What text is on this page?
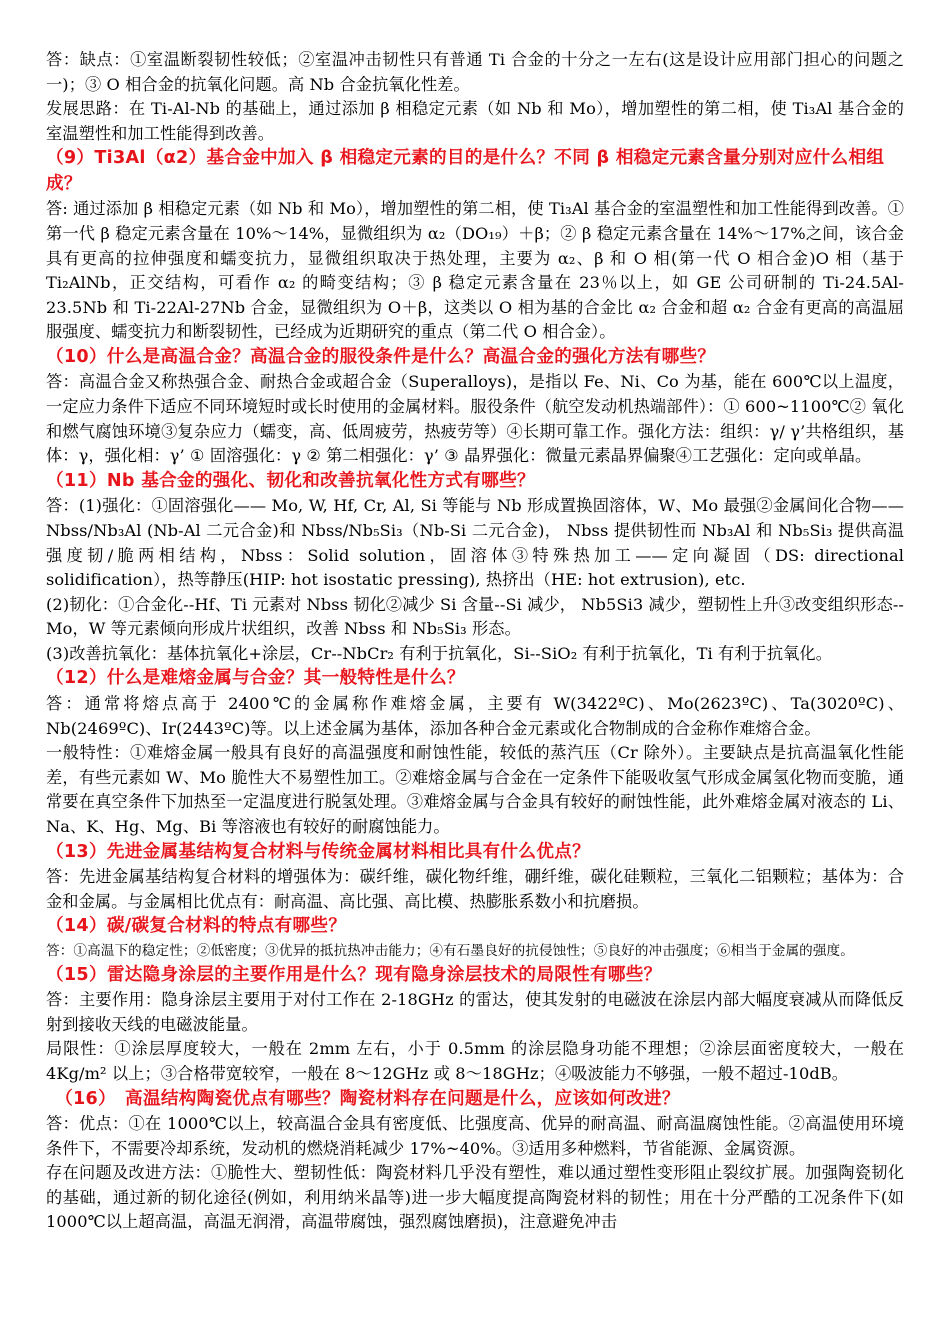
答：缺点：①室温断裂韧性较低；②室温冲击韧性只有普通 Ti 合金的十分之一左右(这是设计应用部门担心的问题之一)；③ O 相合金的抗氧化问题。高 Nb 合金抗氧化性差。

发展思路：在 Ti-Al-Nb 的基础上，通过添加 β 相稳定元素（如 Nb 和 Mo），增加塑性的第二相，使 Ti₃Al 基合金的室温塑性和加工性能得到改善。

（9）Ti3Al（α2）基合金中加入 β 相稳定元素的目的是什么？不同 β 相稳定元素含量分别对应什么相组成？

答: 通过添加 β 相稳定元素（如 Nb 和 Mo），增加塑性的第二相，使 Ti₃Al 基合金的室温塑性和加工性能得到改善。①第一代 β 稳定元素含量在 10%～14%，显微组织为 α₂（DO₁₉）＋β；② β 稳定元素含量在 14%～17%之间，该合金具有更高的拉伸强度和蠕变抗力，显微组织取决于热处理，主要为 α₂、β 和 O 相(第一代 O 相合金)O 相（基于 Ti₂AlNb，正交结构，可看作 α₂ 的畸变结构；③ β 稳定元素含量在 23％以上，如 GE 公司研制的 Ti-24.5Al-23.5Nb 和 Ti-22Al-27Nb 合金，显微组织为 O＋β，这类以 O 相为基的合金比 α₂ 合金和超 α₂ 合金有更高的高温屈服强度、蠕变抗力和断裂韧性，已经成为近期研究的重点（第二代 O 相合金）。

（10）什么是高温合金？高温合金的服役条件是什么？高温合金的强化方法有哪些？

答：高温合金又称热强合金、耐热合金或超合金（Superalloys)，是指以 Fe、Ni、Co 为基，能在 600℃以上温度，一定应力条件下适应不同环境短时或长时使用的金属材料。服役条件（航空发动机热端部件）：① 600~1100℃② 氧化和燃气腐蚀环境③复杂应力（蠕变，高、低周疲劳，热疲劳等）④长期可靠工作。强化方法：组织：γ/ γ’共格组织，基体：γ，强化相：γ’ ① 固溶强化：γ ② 第二相强化：γ’ ③ 晶界强化：微量元素晶界偏聚④工艺强化：定向或单晶。

（11）Nb 基合金的强化、韧化和改善抗氧化性方式有哪些？

答：(1)强化：①固溶强化—— Mo, W, Hf, Cr, Al, Si 等能与 Nb 形成置换固溶体，W、Mo 最强②金属间化合物—— Nbss/Nb₃Al (Nb-Al 二元合金)和 Nbss/Nb₅Si₃（Nb-Si 二元合金)， Nbss 提供韧性而 Nb₃Al 和 Nb₅Si₃ 提供高温强度韧/脆两相结构，Nbss：Solid solution，固溶体③特殊热加工——定向凝固（DS: directional solidification），热等静压(HIP: hot isostatic pressing), 热挤出（HE: hot extrusion), etc.

(2)韧化：①合金化--Hf、Ti 元素对 Nbss 韧化②减少 Si 含量--Si 减少， Nb5Si3 减少，塑韧性上升③改变组织形态--Mo，W 等元素倾向形成片状组织，改善 Nbss 和 Nb₅Si₃ 形态。

(3)改善抗氧化：基体抗氧化+涂层，Cr--NbCr₂ 有利于抗氧化，Si--SiO₂ 有利于抗氧化，Ti 有利于抗氧化。

（12）什么是难熔金属与合金？其一般特性是什么？

答：通常将熔点高于 2400℃的金属称作难熔金属，主要有 W(3422ºC)、Mo(2623ºC)、Ta(3020ºC)、Nb(2469ºC)、Ir(2443ºC)等。以上述金属为基体，添加各种合金元素或化合物制成的合金称作难熔合金。

一般特性：①难熔金属一般具有良好的高温强度和耐蚀性能，较低的蒸汽压（Cr 除外）。主要缺点是抗高温氧化性能差，有些元素如 W、Mo 脆性大不易塑性加工。②难熔金属与合金在一定条件下能吸收氢气形成金属氢化物而变脆，通常要在真空条件下加热至一定温度进行脱氢处理。③难熔金属与合金具有较好的耐蚀性能，此外难熔金属对液态的 Li、Na、K、Hg、Mg、Bi 等溶液也有较好的耐腐蚀能力。

（13）先进金属基结构复合材料与传统金属材料相比具有什么优点？

答：先进金属基结构复合材料的增强体为：碳纤维，碳化物纤维，硼纤维，碳化硅颗粒，三氧化二铝颗粒；基体为：合金和金属。与金属相比优点有：耐高温、高比强、高比模、热膨胀系数小和抗磨损。

（14）碳/碳复合材料的特点有哪些？

答：①高温下的稳定性；②低密度；③优异的抵抗热冲击能力；④有石墨良好的抗侵蚀性；⑤良好的冲击强度；⑥相当于金属的强度。

（15）雷达隐身涂层的主要作用是什么？现有隐身涂层技术的局限性有哪些？

答：主要作用：隐身涂层主要用于对付工作在 2-18GHz 的雷达，使其发射的电磁波在涂层内部大幅度衰减从而降低反射到接收天线的电磁波能量。

局限性：①涂层厚度较大，一般在 2mm 左右，小于 0.5mm 的涂层隐身功能不理想；②涂层面密度较大，一般在 4Kg/m² 以上；③合格带宽较窄，一般在 8～12GHz 或 8～18GHz；④吸波能力不够强，一般不超过-10dB。

　（16）　高温结构陶瓷优点有哪些？陶瓷材料存在问题是什么，应该如何改进？

答：优点：①在 1000℃以上，较高温合金具有密度低、比强度高、优异的耐高温、耐高温腐蚀性能。②高温使用环境条件下，不需要冷却系统，发动机的燃烧消耗减少 17%~40%。③适用多种燃料，节省能源、金属资源。

存在问题及改进方法：①脆性大、塑韧性低：陶瓷材料几乎没有塑性，难以通过塑性变形阻止裂纹扩展。加强陶瓷韧化的基础，通过新的韧化途径(例如，利用纳米晶等)进一步大幅度提高陶瓷材料的韧性；用在十分严酷的工况条件下(如 1000℃以上超高温，高温无润滑，高温带腐蚀，强烈腐蚀磨损)，注意避免冲击
